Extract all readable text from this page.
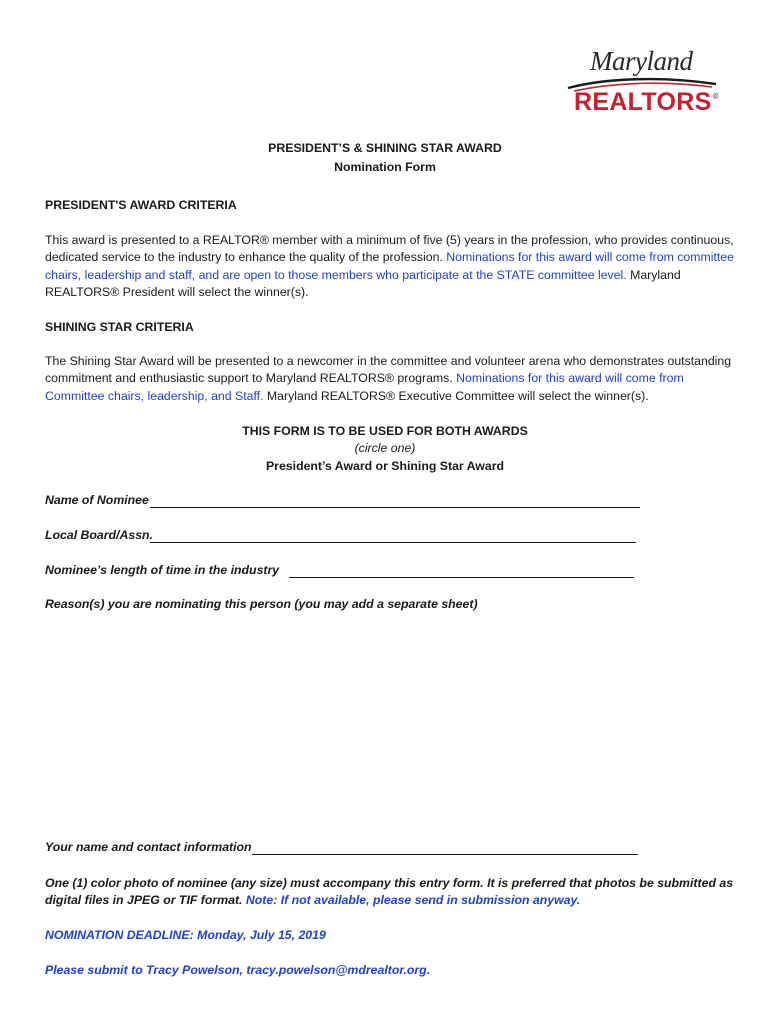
Maryland
REALTORS®
PRESIDENT’S & SHINING STAR AWARD
Nomination Form
PRESIDENT'S AWARD CRITERIA
This award is presented to a REALTOR® member with a minimum of five (5) years in the profession, who provides continuous, dedicated service to the industry to enhance the quality of the profession. Nominations for this award will come from committee chairs, leadership and staff, and are open to those members who participate at the STATE committee level. Maryland REALTORS® President will select the winner(s).
SHINING STAR CRITERIA
The Shining Star Award will be presented to a newcomer in the committee and volunteer arena who demonstrates outstanding commitment and enthusiastic support to Maryland REALTORS® programs. Nominations for this award will come from Committee chairs, leadership, and Staff. Maryland REALTORS® Executive Committee will select the winner(s).
THIS FORM IS TO BE USED FOR BOTH AWARDS
(circle one)
President’s Award or Shining Star Award
Name of Nominee
Local Board/Assn.
Nominee’s length of time in the industry
Reason(s) you are nominating this person (you may add a separate sheet)
Your name and contact information
One (1) color photo of nominee (any size) must accompany this entry form. It is preferred that photos be submitted as digital files in JPEG or TIF format. Note: If not available, please send in submission anyway.
NOMINATION DEADLINE: Monday, July 15, 2019
Please submit to Tracy Powelson, tracy.powelson@mdrealtor.org.
